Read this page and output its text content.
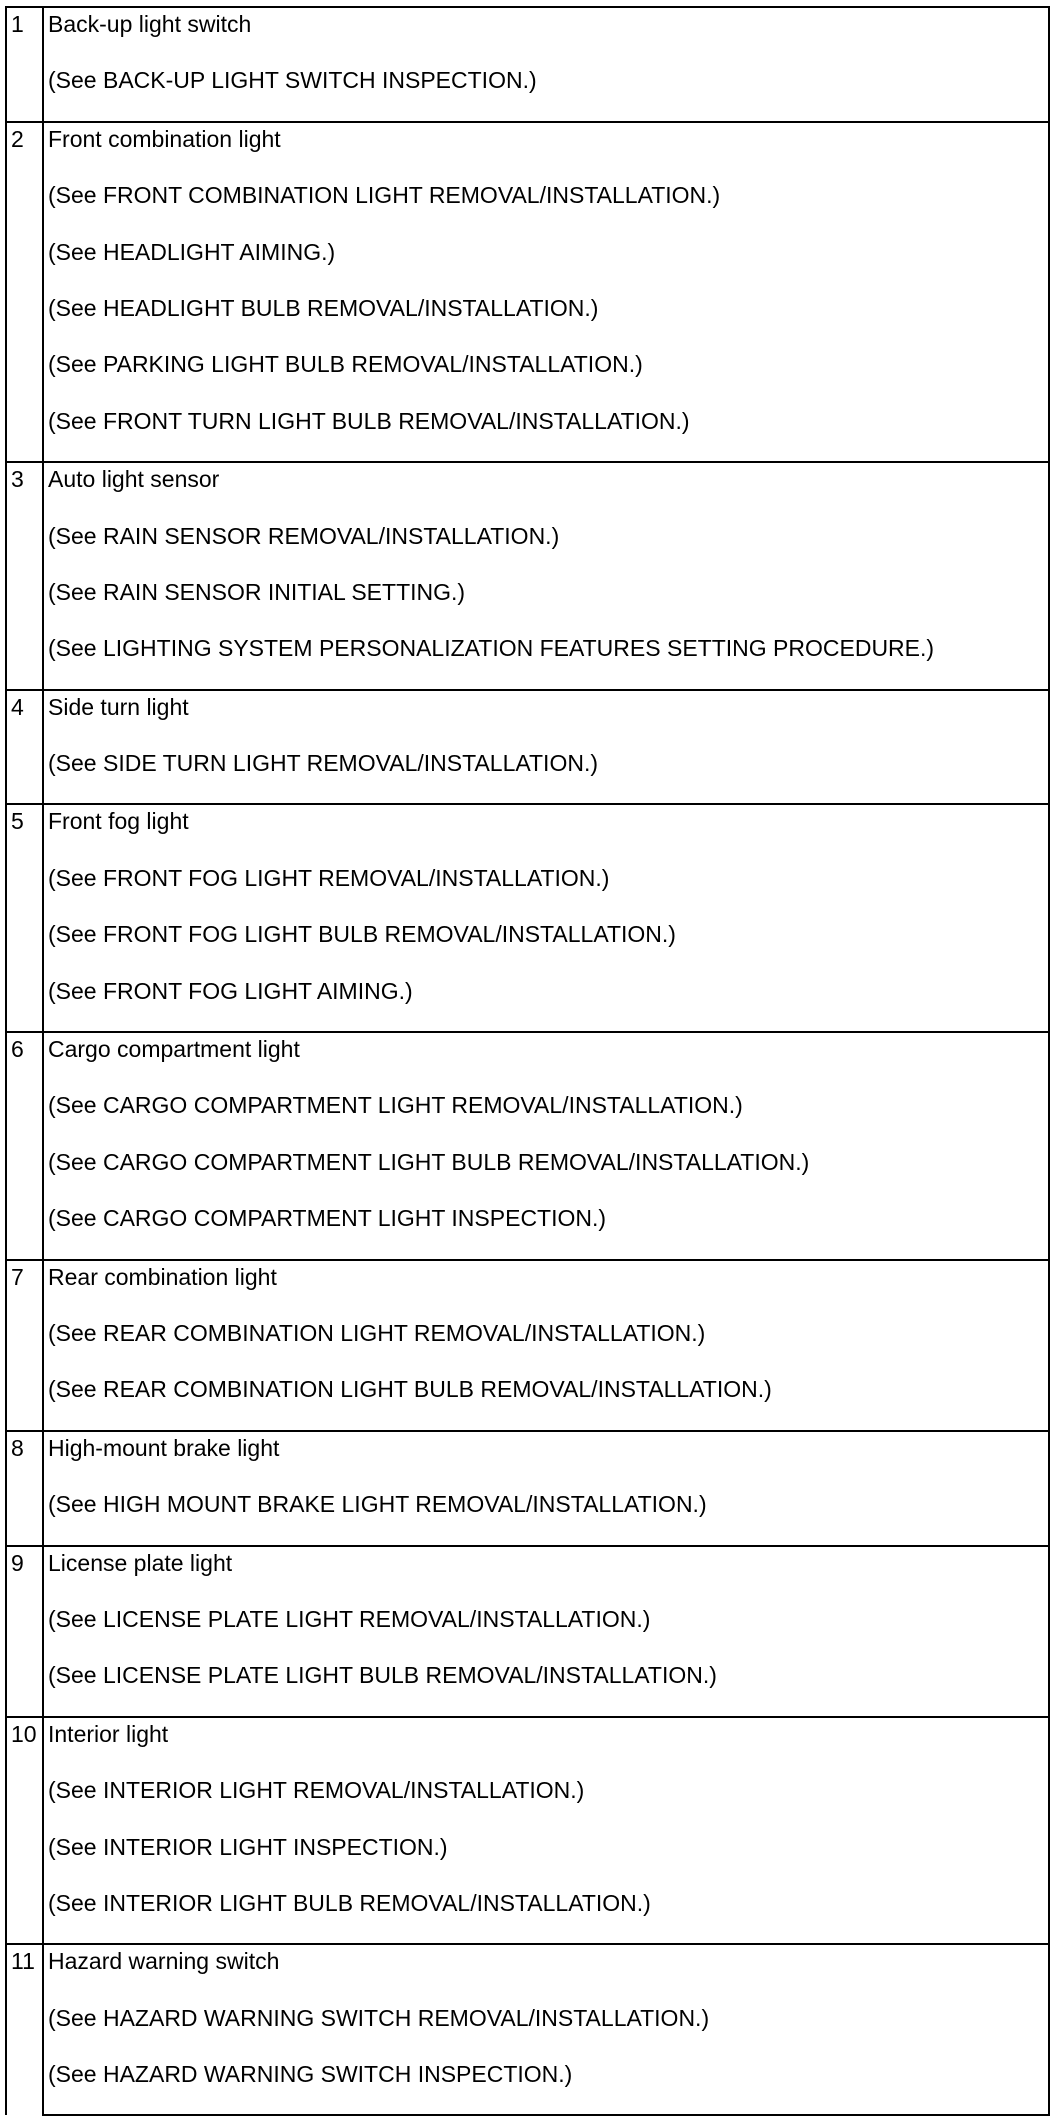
1	Back-up light switch

	(See BACK-UP LIGHT SWITCH INSPECTION.)

2	Front combination light

	(See FRONT COMBINATION LIGHT REMOVAL/INSTALLATION.)

	(See HEADLIGHT AIMING.)

	(See HEADLIGHT BULB REMOVAL/INSTALLATION.)

	(See PARKING LIGHT BULB REMOVAL/INSTALLATION.)

	(See FRONT TURN LIGHT BULB REMOVAL/INSTALLATION.)

3	Auto light sensor

	(See RAIN SENSOR REMOVAL/INSTALLATION.)

	(See RAIN SENSOR INITIAL SETTING.)

	(See LIGHTING SYSTEM PERSONALIZATION FEATURES SETTING PROCEDURE.)

4	Side turn light

	(See SIDE TURN LIGHT REMOVAL/INSTALLATION.)

5	Front fog light

	(See FRONT FOG LIGHT REMOVAL/INSTALLATION.)

	(See FRONT FOG LIGHT BULB REMOVAL/INSTALLATION.)

	(See FRONT FOG LIGHT AIMING.)

6	Cargo compartment light

	(See CARGO COMPARTMENT LIGHT REMOVAL/INSTALLATION.)

	(See CARGO COMPARTMENT LIGHT BULB REMOVAL/INSTALLATION.)

	(See CARGO COMPARTMENT LIGHT INSPECTION.)

7	Rear combination light

	(See REAR COMBINATION LIGHT REMOVAL/INSTALLATION.)

	(See REAR COMBINATION LIGHT BULB REMOVAL/INSTALLATION.)

8	High-mount brake light

	(See HIGH MOUNT BRAKE LIGHT REMOVAL/INSTALLATION.)

9	License plate light

	(See LICENSE PLATE LIGHT REMOVAL/INSTALLATION.)

	(See LICENSE PLATE LIGHT BULB REMOVAL/INSTALLATION.)

10	Interior light

	(See INTERIOR LIGHT REMOVAL/INSTALLATION.)

	(See INTERIOR LIGHT INSPECTION.)

	(See INTERIOR LIGHT BULB REMOVAL/INSTALLATION.)

11	Hazard warning switch

	(See HAZARD WARNING SWITCH REMOVAL/INSTALLATION.)

	(See HAZARD WARNING SWITCH INSPECTION.)
